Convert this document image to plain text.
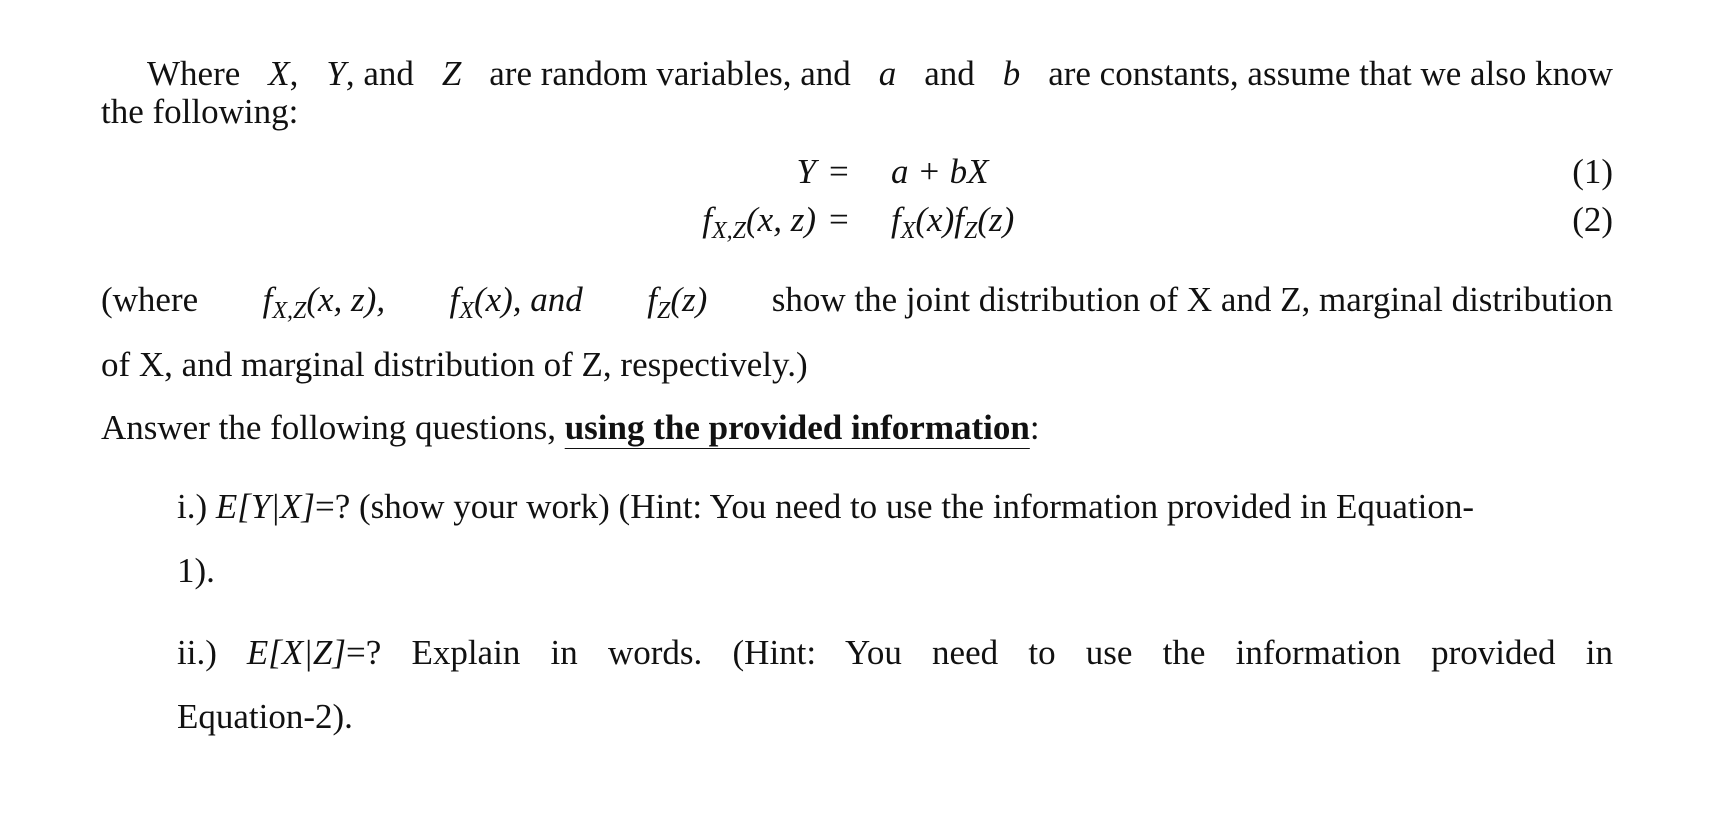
Where X, Y, and Z are random variables, and a and b are constants, assume that we also know
the following:
Y = a + bX	(1)
$f_{X,Z}(x$, $z) = f_X(x)f_Z(z)$	(2)
(where $f_{X,Z}(x$, z), $f_X(x)$, and $f_Z(z)$ show the joint distribution of X and Z, marginal distribution
of X, and marginal distribution of Z, respectively.)
Answer the following questions, using the provided information:
i.) E[Y|X]=? (show your work) (Hint: You need to use the information provided in Equation-
1).
ii.) E[X|Z]=? Explain in words. (Hint: You need to use the information provided in
Equation-2).
